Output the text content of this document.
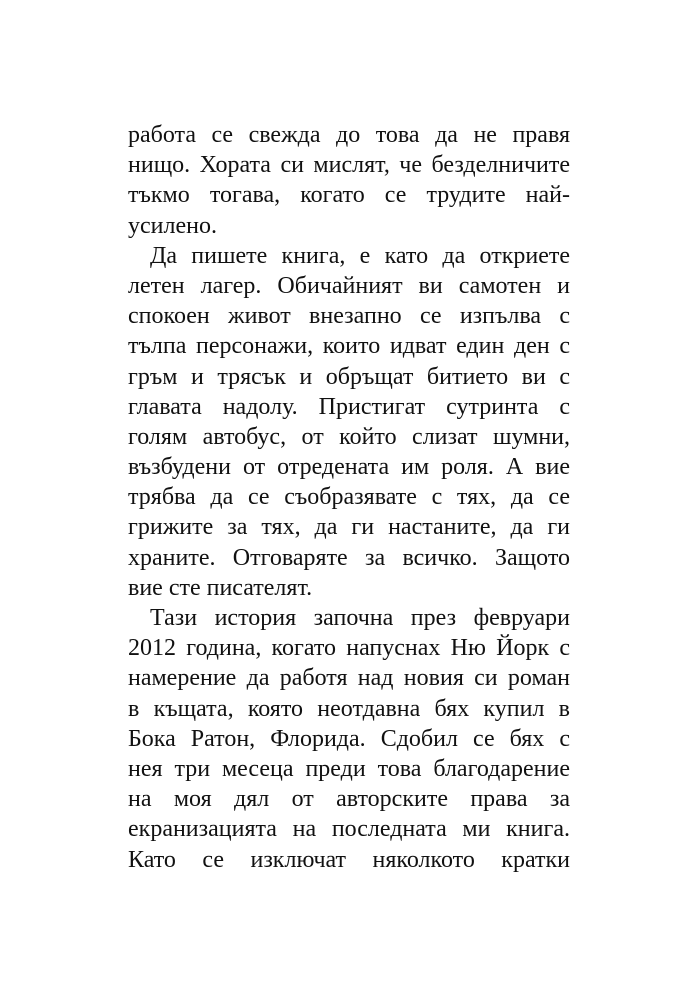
работа се свежда до това да не правя
нищо. Хората си мислят, че безделничите
тъкмо тогава, когато се трудите най-
усилено.
Да пишете книга, е като да откриете
летен лагер. Обичайният ви самотен и
спокоен живот внезапно се изпълва с
тълпа персонажи, които идват един ден с
гръм и трясък и обръщат битието ви с
главата надолу. Пристигат сутринта с
голям автобус, от който слизат шумни,
възбудени от отредената им роля. А вие
трябва да се съобразявате с тях, да се
грижите за тях, да ги настаните, да ги
храните. Отговаряте за всичко. Защото
вие сте писателят.
Тази история започна през февруари
2012 година, когато напуснах Ню Йорк с
намерение да работя над новия си роман
в къщата, която неотдавна бях купил в
Бока Ратон, Флорида. Сдобил се бях с
нея три месеца преди това благодарение
на моя дял от авторските права за
екранизацията на последната ми книга.
Като се изключат няколкото кратки
